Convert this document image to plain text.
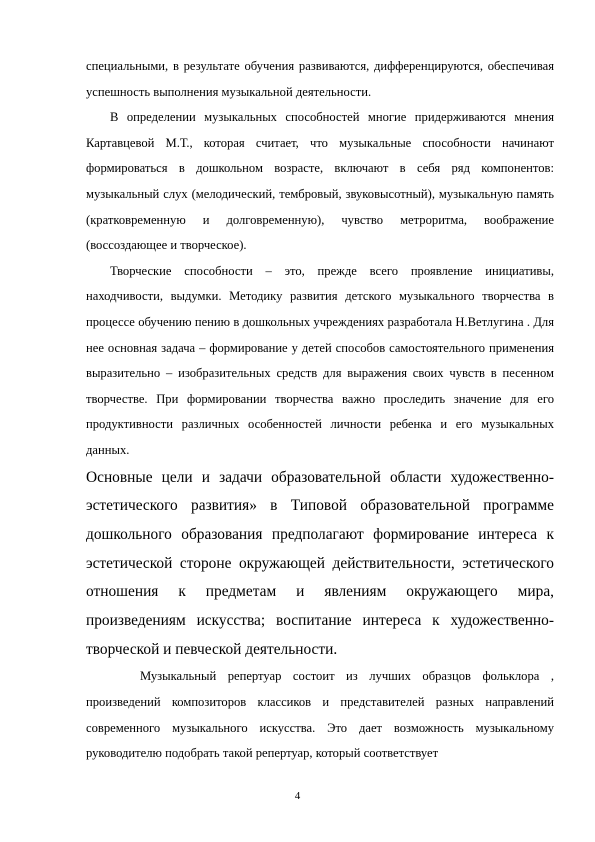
специальными, в результате обучения развиваются, дифференцируются, обеспечивая успешность выполнения музыкальной деятельности.

В определении музыкальных способностей многие придерживаются мнения Картавцевой М.Т., которая считает, что музыкальные способности начинают формироваться в дошкольном возрасте, включают в себя ряд компонентов: музыкальный слух (мелодический, тембровый, звуковысотный), музыкальную память (кратковременную и долговременную), чувство метроритма, воображение (воссоздающее и творческое).

Творческие способности – это, прежде всего проявление инициативы, находчивости, выдумки. Методику развития детского музыкального творчества в процессе обучению пению в дошкольных учреждениях разработала Н.Ветлугина . Для нее основная задача – формирование у детей способов самостоятельного применения выразительно – изобразительных средств для выражения своих чувств в песенном творчестве. При формировании творчества важно проследить значение для его продуктивности различных особенностей личности ребенка и его музыкальных данных.

Основные цели и задачи образовательной области художественно-эстетического развития» в Типовой образовательной программе дошкольного образования предполагают формирование интереса к эстетической стороне окружающей действительности, эстетического отношения к предметам и явлениям окружающего мира, произведениям искусства; воспитание интереса к художественно-творческой и певческой деятельности.

Музыкальный репертуар состоит из лучших образцов фольклора , произведений композиторов классиков и представителей разных направлений современного музыкального искусства. Это дает возможность музыкальному руководителю подобрать такой репертуар, который соответствует

4
